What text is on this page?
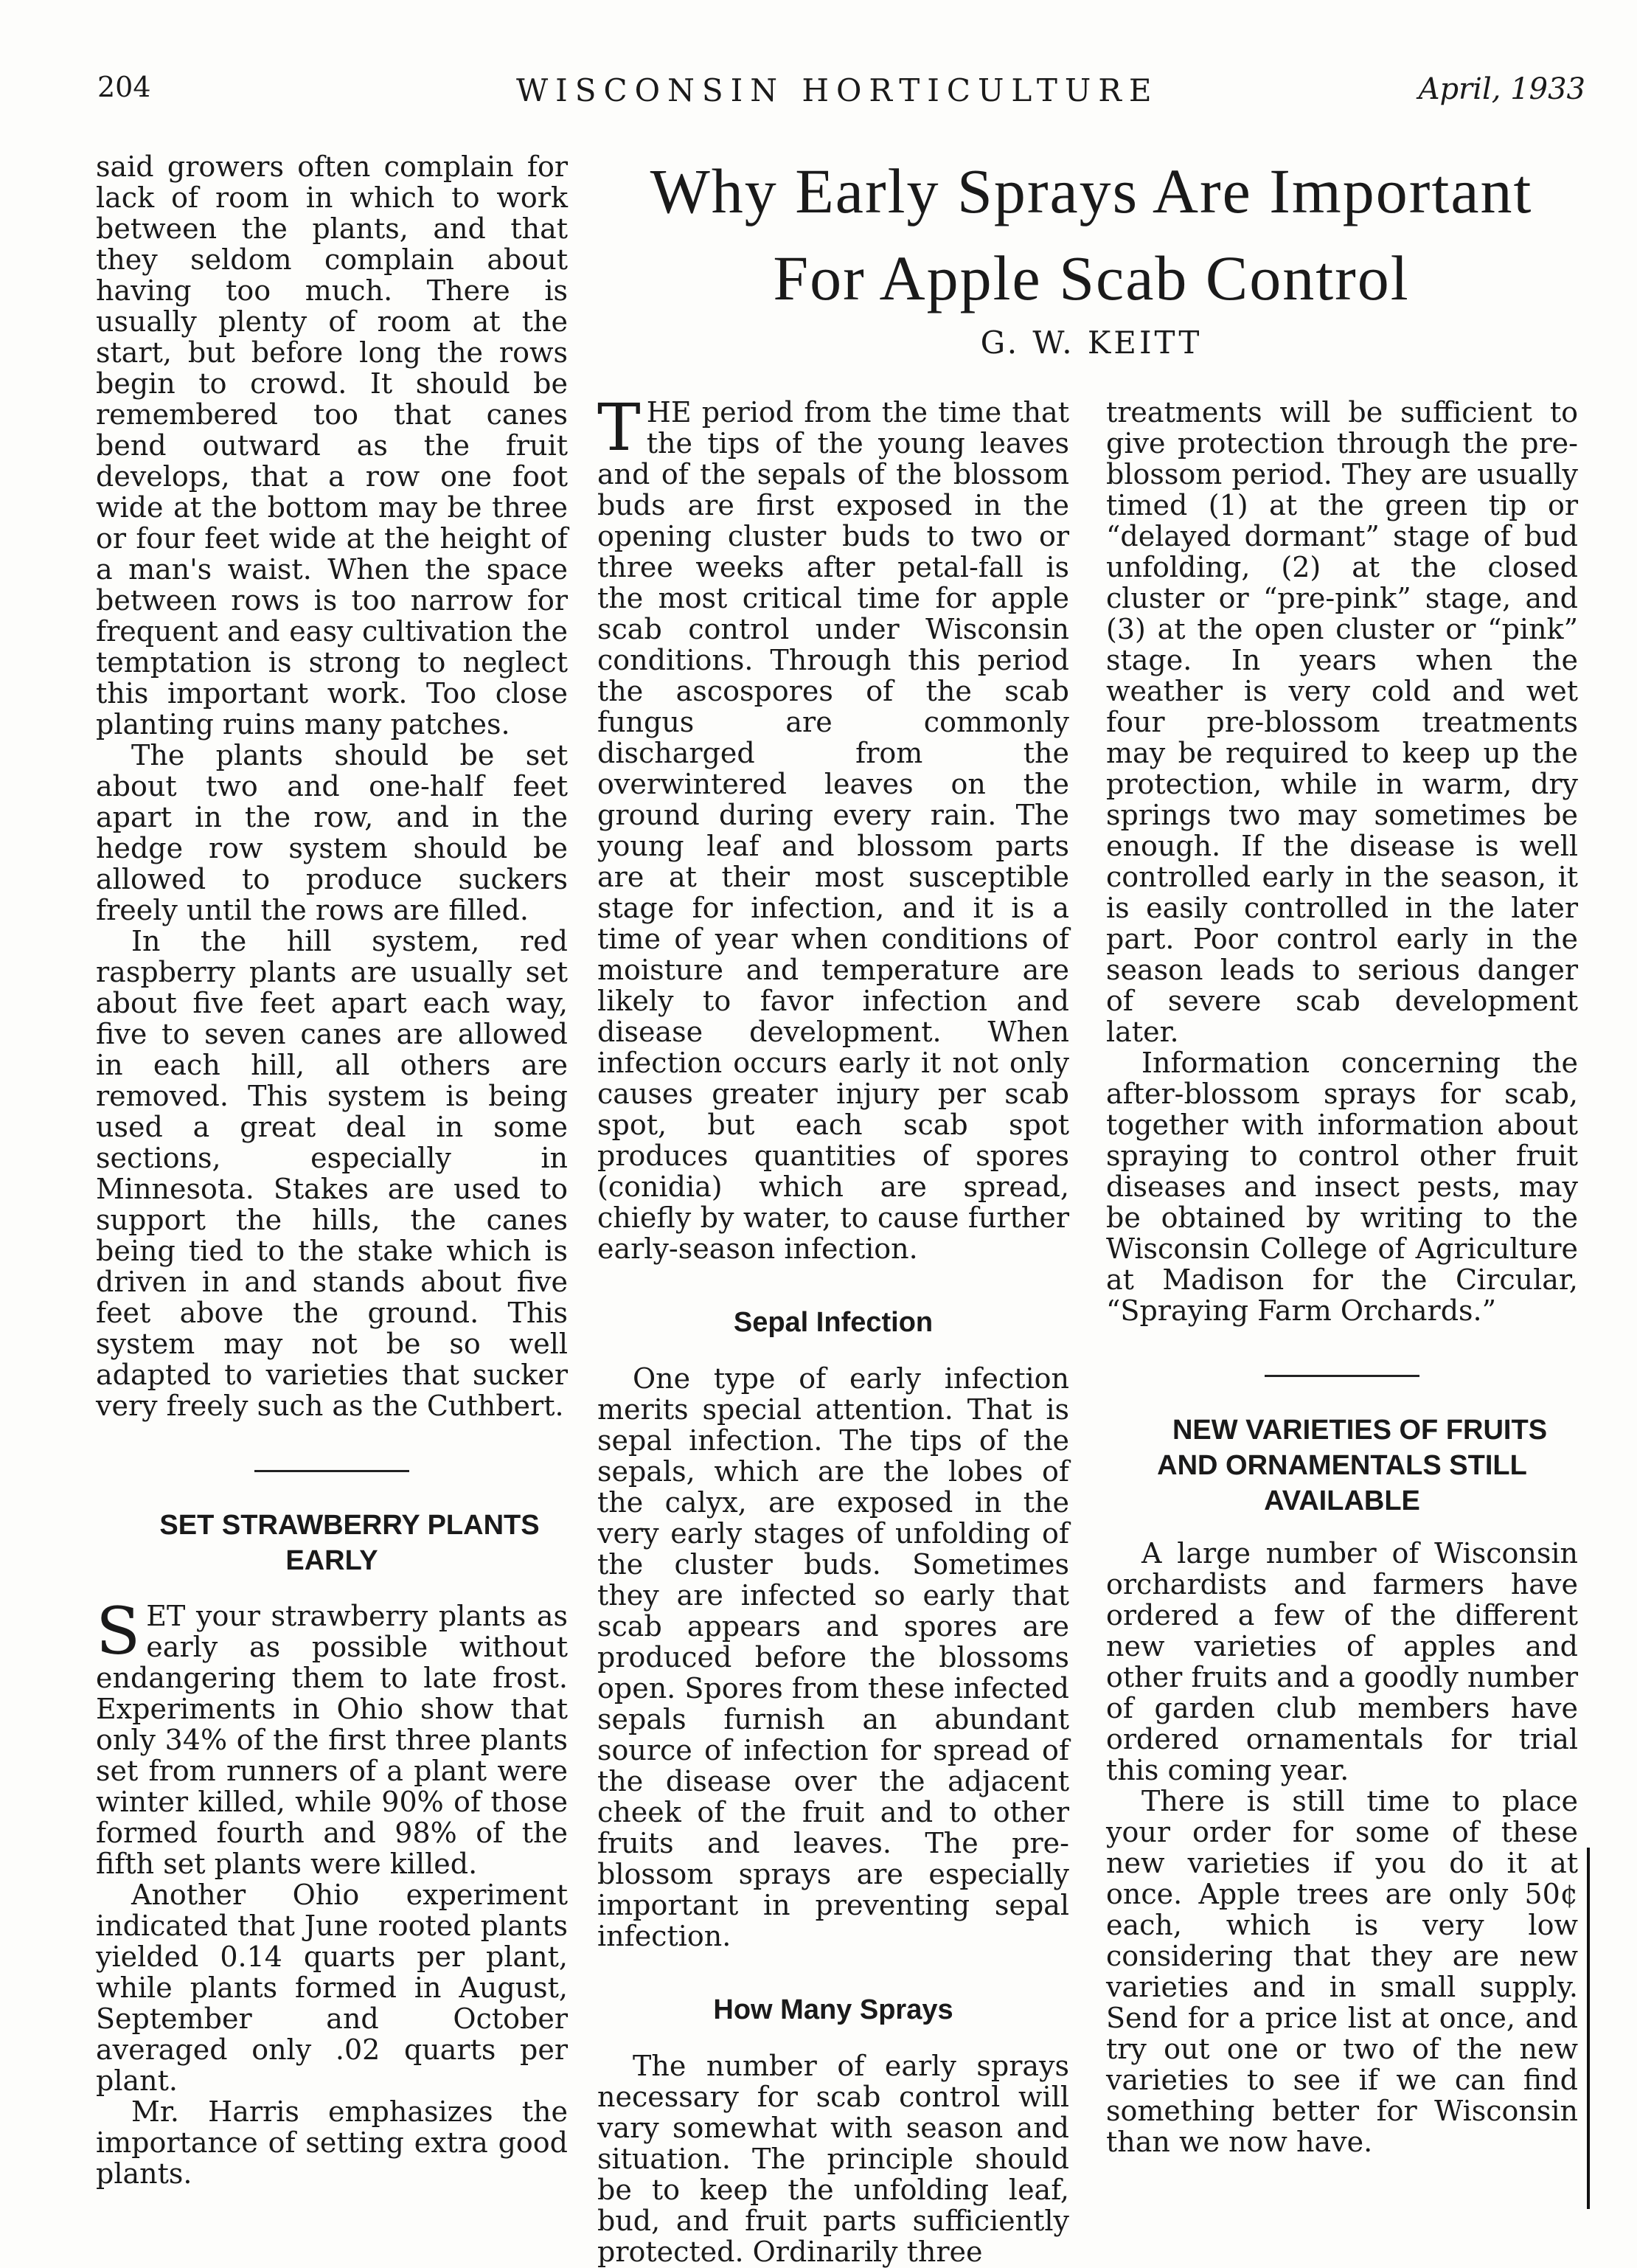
204	WISCONSIN HORTICULTURE	April, 1933

said growers often complain for lack of room in which to work between the plants, and that they seldom complain about having too much. There is usually plenty of room at the start, but before long the rows begin to crowd. It should be remembered too that canes bend outward as the fruit develops, that a row one foot wide at the bottom may be three or four feet wide at the height of a man's waist. When the space between rows is too narrow for frequent and easy cultivation the temptation is strong to neglect this important work. Too close planting ruins many patches.

The plants should be set about two and one-half feet apart in the row, and in the hedge row system should be allowed to produce suckers freely until the rows are filled.

In the hill system, red raspberry plants are usually set about five feet apart each way, five to seven canes are allowed in each hill, all others are removed. This system is being used a great deal in some sections, especially in Minnesota. Stakes are used to support the hills, the canes being tied to the stake which is driven in and stands about five feet above the ground. This system may not be so well adapted to varieties that sucker very freely such as the Cuthbert.

SET STRAWBERRY PLANTS EARLY

SET your strawberry plants as early as possible without endangering them to late frost. Experiments in Ohio show that only 34% of the first three plants set from runners of a plant were winter killed, while 90% of those formed fourth and 98% of the fifth set plants were killed.

Another Ohio experiment indicated that June rooted plants yielded 0.14 quarts per plant, while plants formed in August, September and October averaged only .02 quarts per plant.

Mr. Harris emphasizes the importance of setting extra good plants.

Why Early Sprays Are Important
For Apple Scab Control
G. W. KEITT

THE period from the time that the tips of the young leaves and of the sepals of the blossom buds are first exposed in the opening cluster buds to two or three weeks after petal-fall is the most critical time for apple scab control under Wisconsin conditions. Through this period the ascospores of the scab fungus are commonly discharged from the overwintered leaves on the ground during every rain. The young leaf and blossom parts are at their most susceptible stage for infection, and it is a time of year when conditions of moisture and temperature are likely to favor infection and disease development. When infection occurs early it not only causes greater injury per scab spot, but each scab spot produces quantities of spores (conidia) which are spread, chiefly by water, to cause further early-season infection.

Sepal Infection

One type of early infection merits special attention. That is sepal infection. The tips of the sepals, which are the lobes of the calyx, are exposed in the very early stages of unfolding of the cluster buds. Sometimes they are infected so early that scab appears and spores are produced before the blossoms open. Spores from these infected sepals furnish an abundant source of infection for spread of the disease over the adjacent cheek of the fruit and to other fruits and leaves. The pre-blossom sprays are especially important in preventing sepal infection.

How Many Sprays

The number of early sprays necessary for scab control will vary somewhat with season and situation. The principle should be to keep the unfolding leaf, bud, and fruit parts sufficiently protected. Ordinarily three

treatments will be sufficient to give protection through the pre-blossom period. They are usually timed (1) at the green tip or “delayed dormant” stage of bud unfolding, (2) at the closed cluster or “pre-pink” stage, and (3) at the open cluster or “pink” stage. In years when the weather is very cold and wet four pre-blossom treatments may be required to keep up the protection, while in warm, dry springs two may sometimes be enough. If the disease is well controlled early in the season, it is easily controlled in the later part. Poor control early in the season leads to serious danger of severe scab development later.

Information concerning the after-blossom sprays for scab, together with information about spraying to control other fruit diseases and insect pests, may be obtained by writing to the Wisconsin College of Agriculture at Madison for the Circular, “Spraying Farm Orchards.”

NEW VARIETIES OF FRUITS AND ORNAMENTALS STILL AVAILABLE

A large number of Wisconsin orchardists and farmers have ordered a few of the different new varieties of apples and other fruits and a goodly number of garden club members have ordered ornamentals for trial this coming year.

There is still time to place your order for some of these new varieties if you do it at once. Apple trees are only 50¢ each, which is very low considering that they are new varieties and in small supply. Send for a price list at once, and try out one or two of the new varieties to see if we can find something better for Wisconsin than we now have.
